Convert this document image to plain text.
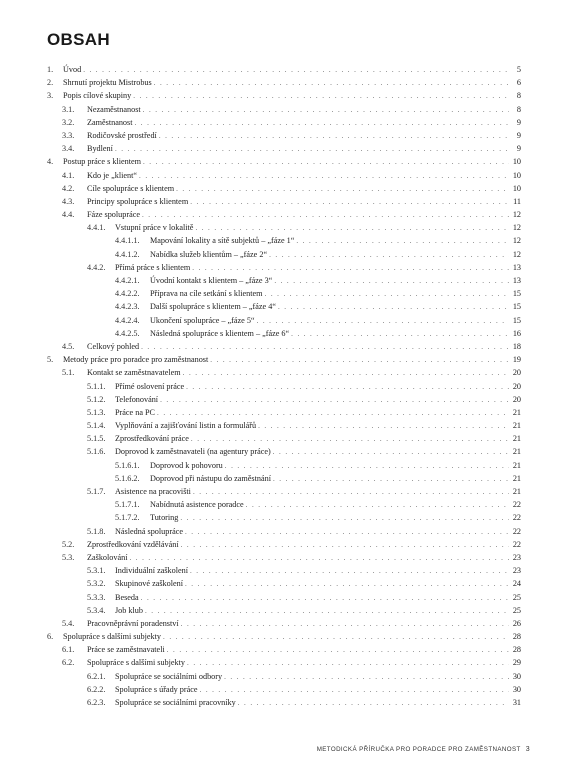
OBSAH
1. Úvod . . .	5
2. Shrnutí projektu Mistrobus . . .	6
3. Popis cílové skupiny . . .	8
3.1. Nezaměstnanost . . .	8
3.2. Zaměstnanost . . .	9
3.3. Rodičovské prostředí . . .	9
3.4. Bydlení . . .	9
4. Postup práce s klientem . . .	10
4.1. Kdo je „klient“ . . .	10
4.2. Cíle spolupráce s klientem . . .	10
4.3. Principy spolupráce s klientem . . .	11
4.4. Fáze spolupráce . . .	12
4.4.1. Vstupní práce v lokalitě . . .	12
4.4.1.1. Mapování lokality a sítě subjektů – „fáze 1“ . . .	12
4.4.1.2. Nabídka služeb klientům – „fáze 2“ . . .	12
4.4.2. Přímá práce s klientem . . .	13
4.4.2.1. Úvodní kontakt s klientem – „fáze 3“ . . .	13
4.4.2.2. Příprava na cíle setkání s klientem . . .	15
4.4.2.3. Další spolupráce s klientem – „fáze 4“ . . .	15
4.4.2.4. Ukončení spolupráce – „fáze 5“ . . .	15
4.4.2.5. Následná spolupráce s klientem – „fáze 6“ . . .	16
4.5. Celkový pohled . . .	18
5. Metody práce pro poradce pro zaměstnanost . . .	19
5.1. Kontakt se zaměstnavatelem . . .	20
5.1.1. Přímé oslovení práce . . .	20
5.1.2. Telefonování . . .	20
5.1.3. Práce na PC . . .	21
5.1.4. Vyplňování a zajišťování listin a formulářů . . .	21
5.1.5. Zprostředkování práce . . .	21
5.1.6. Doprovod k zaměstnavateli (na agentury práce) . . .	21
5.1.6.1. Doprovod k pohovoru . . .	21
5.1.6.2. Doprovod při nástupu do zaměstnání . . .	21
5.1.7. Asistence na pracovišti . . .	21
5.1.7.1. Nabídnutá asistence poradce . . .	22
5.1.7.2. Tutoring . . .	22
5.1.8. Následná spolupráce . . .	22
5.2. Zprostředkování vzdělávání . . .	22
5.3. Zaškolování . . .	23
5.3.1. Individuální zaškolení . . .	23
5.3.2. Skupinové zaškolení . . .	24
5.3.3. Beseda . . .	25
5.3.4. Job klub . . .	25
5.4. Pracovněprávní poradenství . . .	26
6. Spolupráce s dalšími subjekty . . .	28
6.1. Práce se zaměstnavateli . . .	28
6.2. Spolupráce s dalšími subjekty . . .	29
6.2.1. Spolupráce se sociálními odbory . . .	30
6.2.2. Spolupráce s úřady práce . . .	30
6.2.3. Spolupráce se sociálními pracovníky . . .	31
METODICKÁ PŘÍRUČKA PRO PORADCE PRO ZAMĚSTNANOST 3
